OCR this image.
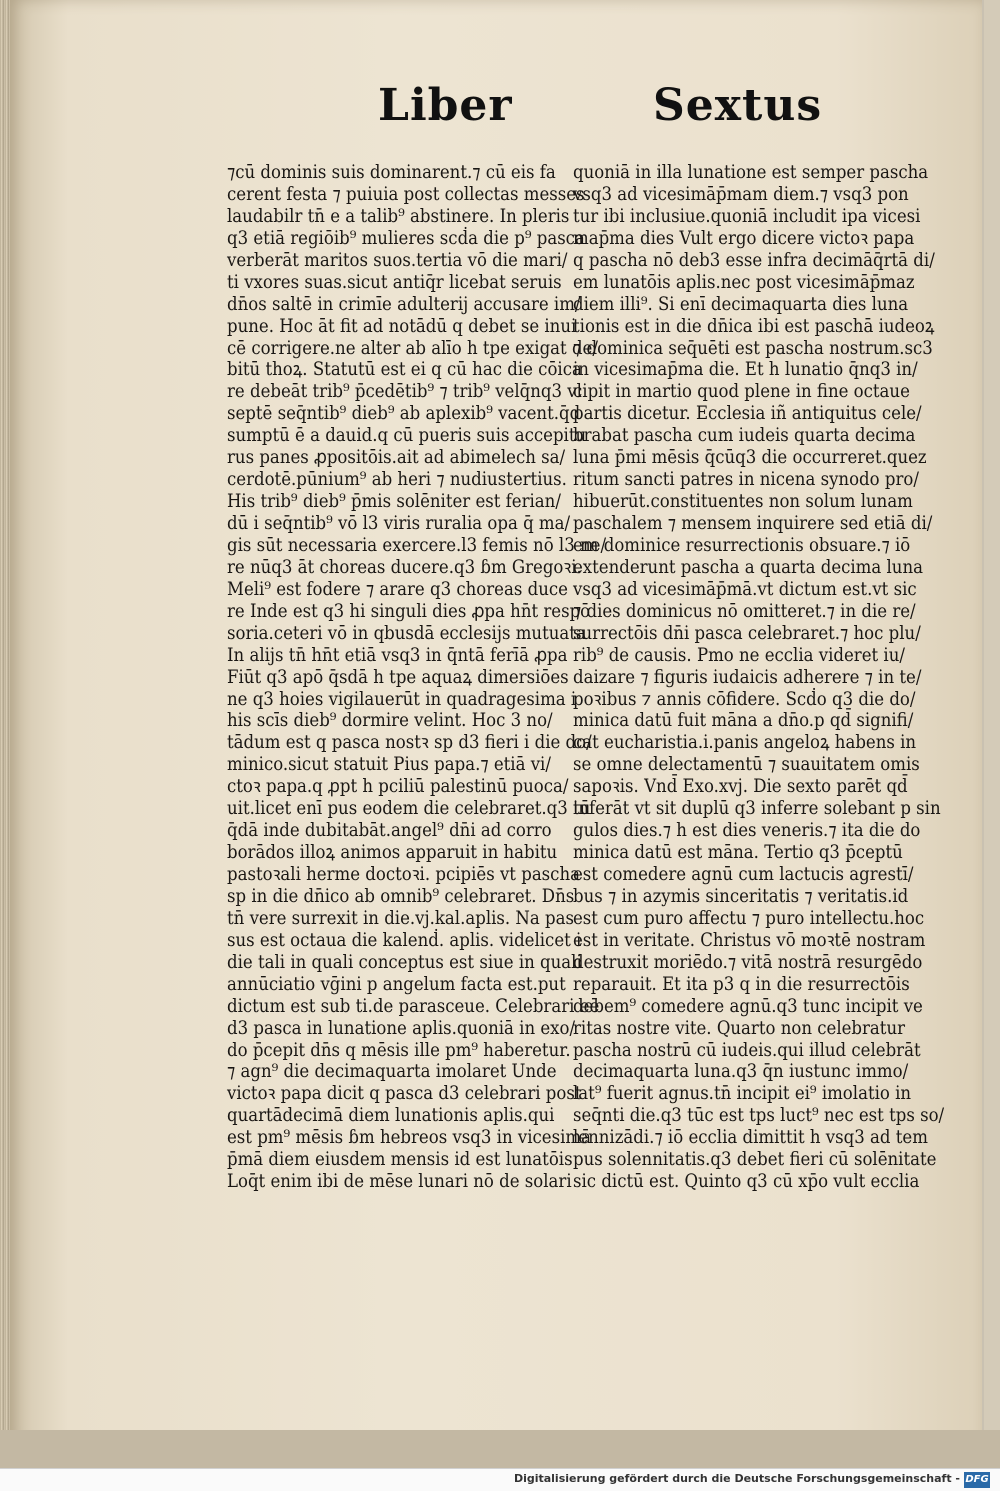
Liber	Sextus
⁊cū dominis suis dominarent.⁊ cū eis fa
cerent festa ⁊ puiuia post collectas messes
laudabilr tn̄ e a talib⁹ abstinere. In pleris
q3 etiā regiōib⁹ mulieres scḋa die p⁹ pasca
verberāt maritos suos.tertia vō die mari/
ti vxores suas.sicut antiq̄r licebat seruis
dn̄os saltē in crimīe adulterij accusare im/
pune. Hoc āt fit ad notādū q debet se inui
cē corrigere.ne alter ab alīo h tpe exigat de/
bitū thoꝝ. Statutū est ei q cū hac die cōica
re debeāt trib⁹ p̄cedētib⁹ ⁊ trib⁹ velq̄nq3 vl
septē seq̄ntib⁹ dieb⁹ ab aplexib⁹ vacent.q̄d
sumptū ē a dauid.q cū pueris suis accepitu
rus panes ꝓpositōis.ait ad abimelech sa/
cerdotē.pūnium⁹ ab heri ⁊ nudiustertius.
His trib⁹ dieb⁹ p̄mis solēniter est ferian/
dū i seq̄ntib⁹ vō l3 viris ruralia opa q̄ ma/
gis sūt necessaria exercere.l3 femis nō l3 ne/
re nūq3 āt choreas ducere.q3 ɓm Gregoꝛi.
Meli⁹ est fodere ⁊ arare q3 choreas duce
re Inde est q3 hi singuli dies ꝓpa hn̄t respō
soria.ceteri vō in qbusdā ecclesijs mutuata
In alijs tn̄ hn̄t etiā vsq3 in q̄ntā ferīā ꝓpa
Fiūt q3 apō q̄sdā h tpe aquaꝝ dimersiōes
ne q3 hoies vigilauerūt in quadragesima i
his scīs dieb⁹ dormire velint. Hoc 3 no/
tādum est q pasca nostꝛ sp d3 fieri i die do/
minico.sicut statuit Pius papa.⁊ etiā vi/
ctoꝛ papa.q ꝓpt h pciliū palestinū puoca/
uit.licet enī pus eodem die celebraret.q3 tū
q̄dā inde dubitabāt.angel⁹ dn̄i ad corro
borādos illoꝝ animos apparuit in habitu
pastoꝛali herme doctoꝛi. pcipiēs vt pascha
sp in die dn̄ico ab omnib⁹ celebraret. Dn̄s
tn̄ vere surrexit in die.vj.kal.aplis. Na pas
sus est octaua die kalenḋ. aplis. videlicet i
die tali in quali conceptus est siue in quali
annūciatio vḡini p angelum facta est.put
dictum est sub ti.de parasceue. Celebrari eē
d3 pasca in lunatione aplis.quoniā in exo/
do p̄cepit dn̄s q mēsis ille pm⁹ haberetur.
⁊ agn⁹ die decimaquarta imolaret Unde
victoꝛ papa dicit q pasca d3 celebrari post
quartādecimā diem lunationis aplis.qui
est pm⁹ mēsis ɓm hebreos vsq3 in vicesimā
p̄mā diem eiusdem mensis id est lunatōis
Loq̄t enim ibi de mēse lunari nō de solari
quoniā in illa lunatione est semper pascha
vsq3 ad vicesimāp̄mam diem.⁊ vsq3 pon
tur ibi inclusiue.quoniā includit ipa vicesi
map̄ma dies Vult ergo dicere victoꝛ papa
q pascha nō deb3 esse infra decimāq̄rtā di/
em lunatōis aplis.nec post vicesimāp̄maz
diem illi⁹. Si enī decimaquarta dies luna
tionis est in die dn̄ica ibi est paschā iudeoꝝ
⁊ dominica seq̄uēti est pascha nostrum.sc3
in vicesimap̄ma die. Et h lunatio q̄nq3 in/
cipit in martio quod plene in fine octaue
partis dicetur. Ecclesia iñ antiquitus cele/
brabat pascha cum iudeis quarta decima
luna p̄mi mēsis q̄cūq3 die occurreret.quez
ritum sancti patres in nicena synodo pro/
hibuerūt.constituentes non solum lunam
paschalem ⁊ mensem inquirere sed etiā di/
em dominice resurrectionis obsuare.⁊ iō
extenderunt pascha a quarta decima luna
vsq3 ad vicesimāp̄mā.vt dictum est.vt sic
⁊ dies dominicus nō omitteret.⁊ in die re/
surrectōis dn̄i pasca celebraret.⁊ hoc plu/
rib⁹ de causis. Pmo ne ecclia videret iu/
daizare ⁊ figuris iudaicis adherere ⁊ in te/
poꝛibus ⁊ annis cōfidere. Scḋo q3 die do/
minica datū fuit māna a dn̄o.p qd̄ signifi/
cat eucharistia.i.panis angeloꝝ habens in
se omne delectamentū ⁊ suauitatem omis
sapoꝛis. Vnd̄ Exo.xvj. Die sexto parēt qd̄
inferāt vt sit duplū q3 inferre solebant p sin
gulos dies.⁊ h est dies veneris.⁊ ita die do
minica datū est māna. Tertio q3 p̄ceptū
est comedere agnū cum lactucis agrestī/
bus ⁊ in azymis sinceritatis ⁊ veritatis.id
est cum puro affectu ⁊ puro intellectu.hoc
est in veritate. Christus vō moꝛtē nostram
destruxit moriēdo.⁊ vitā nostrā resurgēdo
reparauit. Et ita p3 q in die resurrectōis
debem⁹ comedere agnū.q3 tunc incipit ve
ritas nostre vite. Quarto non celebratur
pascha nostrū cū iudeis.qui illud celebrāt
decimaquarta luna.q3 q̄n iustunc immo/
lat⁹ fuerit agnus.tn̄ incipit ei⁹ imolatio in
seq̄nti die.q3 tūc est tps luct⁹ nec est tps so/
lennizādi.⁊ iō ecclia dimittit h vsq3 ad tem
pus solennitatis.q3 debet fieri cū solēnitate
sic dictū est. Quinto q3 cū xp̄o vult ecclia
Digitalisierung gefördert durch die Deutsche Forschungsgemeinschaft - DFG
